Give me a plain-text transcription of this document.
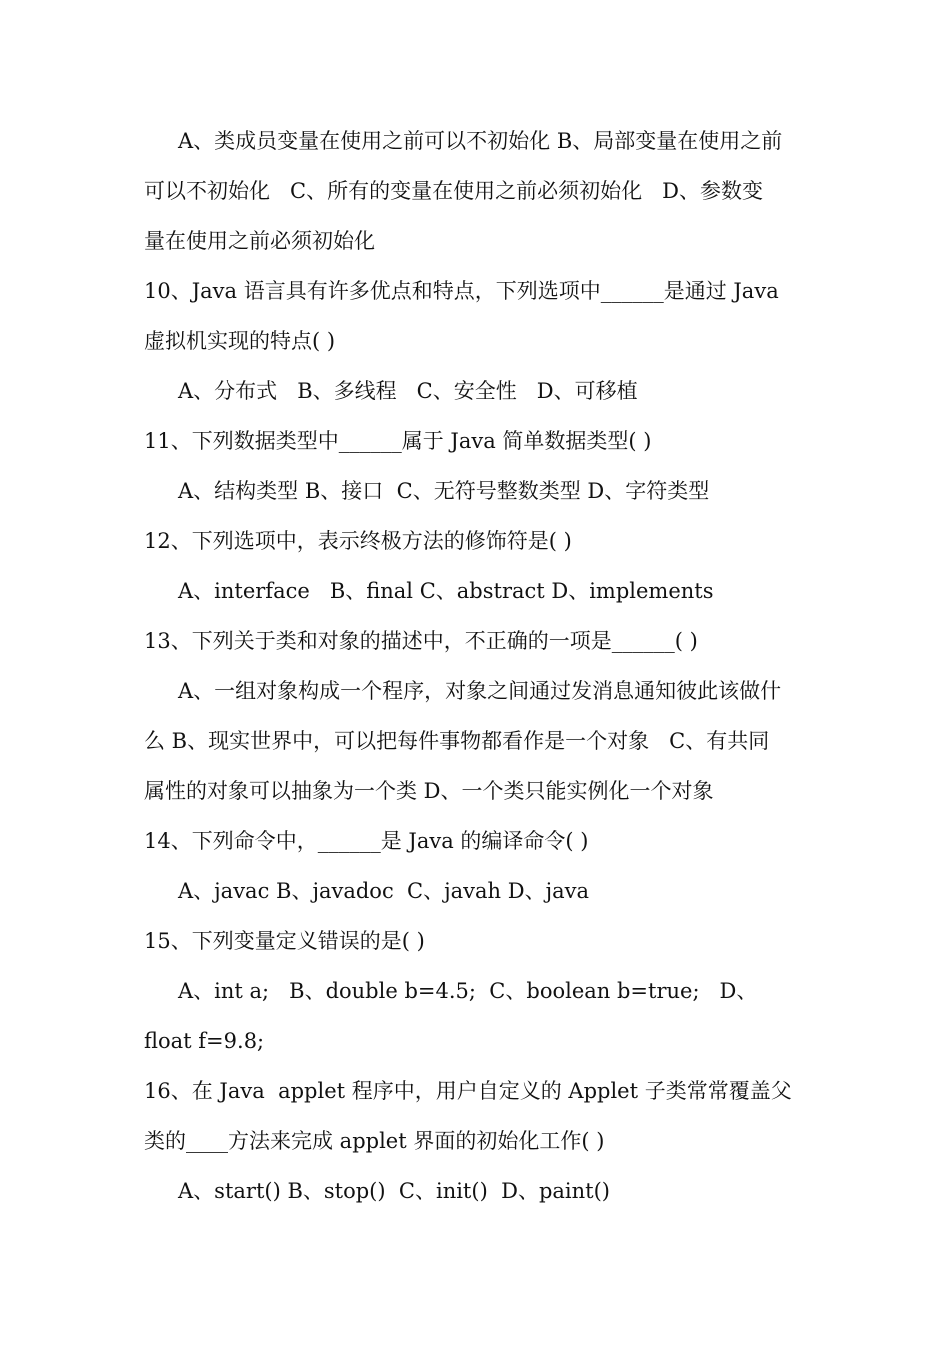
A、类成员变量在使用之前可以不初始化 B、局部变量在使用之前
可以不初始化   C、所有的变量在使用之前必须初始化   D、参数变
量在使用之前必须初始化
10、Java 语言具有许多优点和特点，下列选项中______是通过 Java
虚拟机实现的特点( )
A、分布式   B、多线程   C、安全性   D、可移植
11、下列数据类型中______属于 Java 简单数据类型( )
A、结构类型 B、接口  C、无符号整数类型 D、字符类型
12、下列选项中，表示终极方法的修饰符是( )
A、interface   B、final C、abstract D、implements
13、下列关于类和对象的描述中，不正确的一项是______( )
A、一组对象构成一个程序，对象之间通过发消息通知彼此该做什
么 B、现实世界中，可以把每件事物都看作是一个对象   C、有共同
属性的对象可以抽象为一个类 D、一个类只能实例化一个对象
14、下列命令中，______是 Java 的编译命令( )
A、javac B、javadoc  C、javah D、java
15、下列变量定义错误的是( )
A、int a;   B、double b=4.5;  C、boolean b=true;   D、
float f=9.8;
16、在 Java  applet 程序中，用户自定义的 Applet 子类常常覆盖父
类的____方法来完成 applet 界面的初始化工作( )
A、start() B、stop()  C、init()  D、paint()
